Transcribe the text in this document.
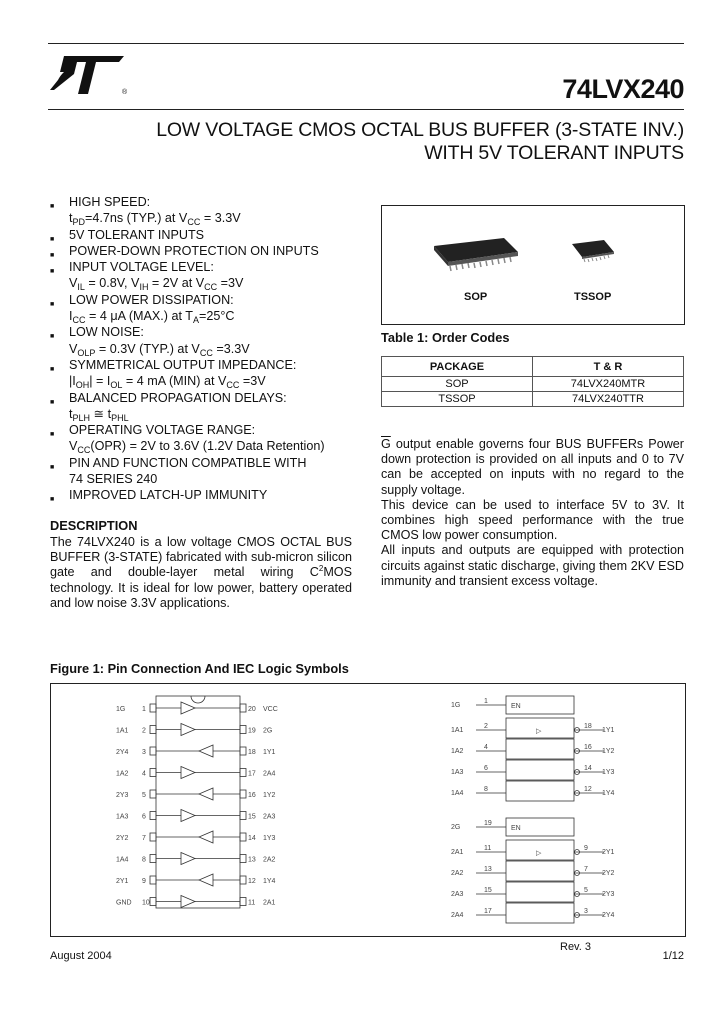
®	74LVX240
LOW VOLTAGE CMOS OCTAL BUS BUFFER (3-STATE INV.)
WITH 5V TOLERANT INPUTS
■ HIGH SPEED:
$t_{PD}=4.7ns$ (TYP.) at $V_{CC} = 3.3V$
■ 5V TOLERANT INPUTS
■ POWER-DOWN PROTECTION ON INPUTS
■ INPUT VOLTAGE LEVEL:
$V_{IL} = 0.8V$, $V_{IH} = 2V$ at $V_{CC} =3V$
■ LOW POWER DISSIPATION:
$I_{CC} = 4$ μA (MAX.) at $T_A=25^\circ C$
■ LOW NOISE:
$V_{OLP} = 0.3V$ (TYP.) at $V_{CC} =3.3V$
■ SYMMETRICAL OUTPUT IMPEDANCE:
$|I_{OH}| = I_{OL} = 4$ mA (MIN) at $V_{CC} =3V$
■ BALANCED PROPAGATION DELAYS:
$t_{PLH}$ ≅ $t_{PHL}$
■ OPERATING VOLTAGE RANGE:
$V_{CC}(OPR) = 2V$ to 3.6V (1.2V Data Retention)
■ PIN AND FUNCTION COMPATIBLE WITH
74 SERIES 240
■ IMPROVED LATCH-UP IMMUNITY
DESCRIPTION
The 74LVX240 is a low voltage CMOS OCTAL BUS BUFFER (3-STATE) fabricated with sub-micron silicon gate and double-layer metal wiring $C^2MOS$ technology. It is ideal for low power, battery operated and low noise 3.3V applications.
SOP	TSSOP
Table 1: Order Codes
PACKAGE	T & R
SOP	74LVX240MTR
TSSOP	74LVX240TTR
$\overline{G}$ output enable governs four BUS BUFFERs Power down protection is provided on all inputs and 0 to 7V can be accepted on inputs with no regard to the supply voltage.
This device can be used to interface 5V to 3V. It combines high speed performance with the true CMOS low power consumption.
All inputs and outputs are equipped with protection circuits against static discharge, giving them 2KV ESD immunity and transient excess voltage.
Figure 1: Pin Connection And IEC Logic Symbols
1G 1	20 VCC
1A1 2	19 2G
2Y4 3	18 1Y1
1A2 4	17 2A4
2Y3 5	16 1Y2
1A3 6	15 2A3
2Y2 7	14 1Y3
1A4 8	13 2A2
2Y1 9	12 1Y4
GND 10	11 2A1
EN
1A1
2	18
1Y1
1A2
4	16
1Y2
1A3
6	14
1Y3
1A4
8	12
1Y4
▷
1G
1
EN
2A1
11	9
2Y1
2A2
13	7
2Y2
2A3
15	5
2Y3
2A4
17	3
2Y4
▷
2G
19
Rev. 3
August 2004	1/12
